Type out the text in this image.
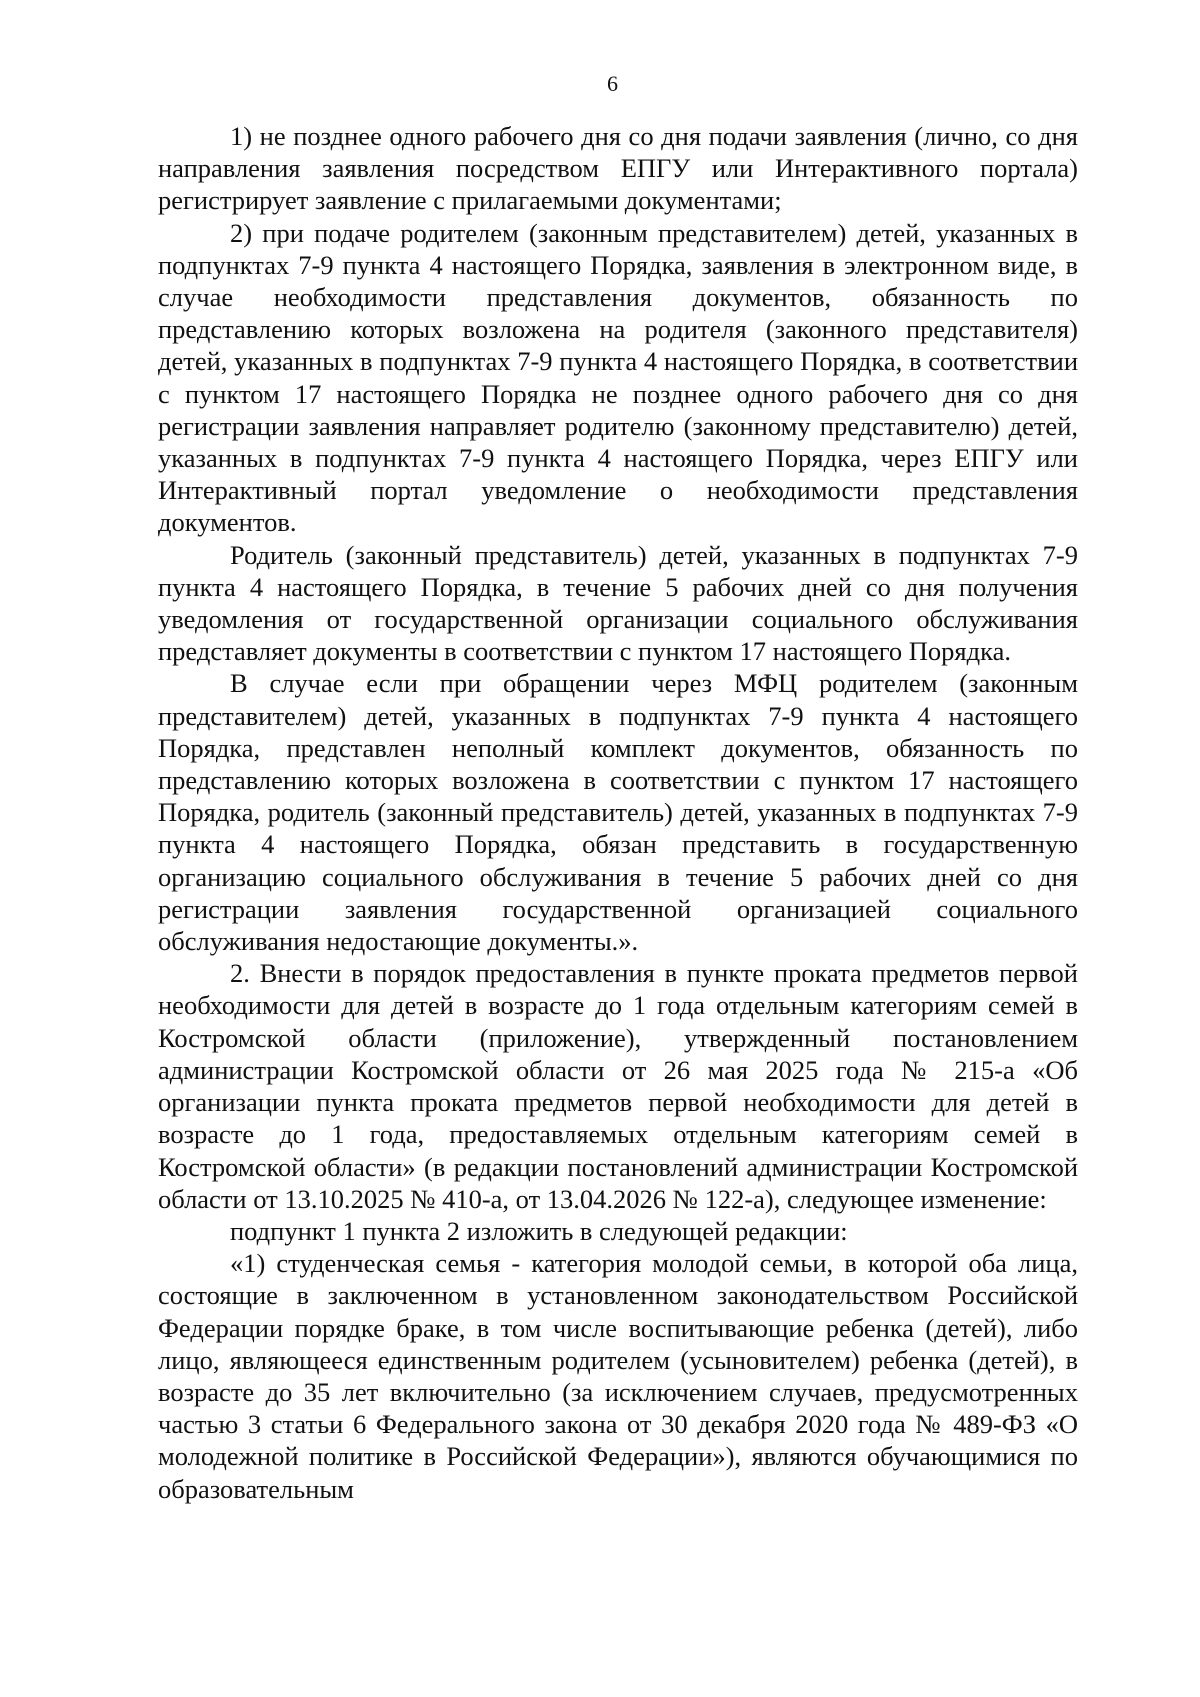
6

1) не позднее одного рабочего дня со дня подачи заявления (лично, со дня направления заявления посредством ЕПГУ или Интерактивного портала) регистрирует заявление с прилагаемыми документами;

2) при подаче родителем (законным представителем) детей, указанных в подпунктах 7-9 пункта 4 настоящего Порядка, заявления в электронном виде, в случае необходимости представления документов, обязанность по представлению которых возложена на родителя (законного представителя) детей, указанных в подпунктах 7-9 пункта 4 настоящего Порядка, в соответствии с пунктом 17 настоящего Порядка не позднее одного рабочего дня со дня регистрации заявления направляет родителю (законному представителю) детей, указанных в подпунктах 7-9 пункта 4 настоящего Порядка, через ЕПГУ или Интерактивный портал уведомление о необходимости представления документов.

Родитель (законный представитель) детей, указанных в подпунктах 7-9 пункта 4 настоящего Порядка, в течение 5 рабочих дней со дня получения уведомления от государственной организации социального обслуживания представляет документы в соответствии с пунктом 17 настоящего Порядка.

В случае если при обращении через МФЦ родителем (законным представителем) детей, указанных в подпунктах 7-9 пункта 4 настоящего Порядка, представлен неполный комплект документов, обязанность по представлению которых возложена в соответствии с пунктом 17 настоящего Порядка, родитель (законный представитель) детей, указанных в подпунктах 7-9 пункта 4 настоящего Порядка, обязан представить в государственную организацию социального обслуживания в течение 5 рабочих дней со дня регистрации заявления государственной организацией социального обслуживания недостающие документы.».

2. Внести в порядок предоставления в пункте проката предметов первой необходимости для детей в возрасте до 1 года отдельным категориям семей в Костромской области (приложение), утвержденный постановлением администрации Костромской области от 26 мая 2025 года № 215-а «Об организации пункта проката предметов первой необходимости для детей в возрасте до 1 года, предоставляемых отдельным категориям семей в Костромской области» (в редакции постановлений администрации Костромской области от 13.10.2025 № 410-а, от 13.04.2026 № 122-а), следующее изменение:

подпункт 1 пункта 2 изложить в следующей редакции:

«1) студенческая семья - категория молодой семьи, в которой оба лица, состоящие в заключенном в установленном законодательством Российской Федерации порядке браке, в том числе воспитывающие ребенка (детей), либо лицо, являющееся единственным родителем (усыновителем) ребенка (детей), в возрасте до 35 лет включительно (за исключением случаев, предусмотренных частью 3 статьи 6 Федерального закона от 30 декабря 2020 года № 489-ФЗ «О молодежной политике в Российской Федерации»), являются обучающимися по образовательным
